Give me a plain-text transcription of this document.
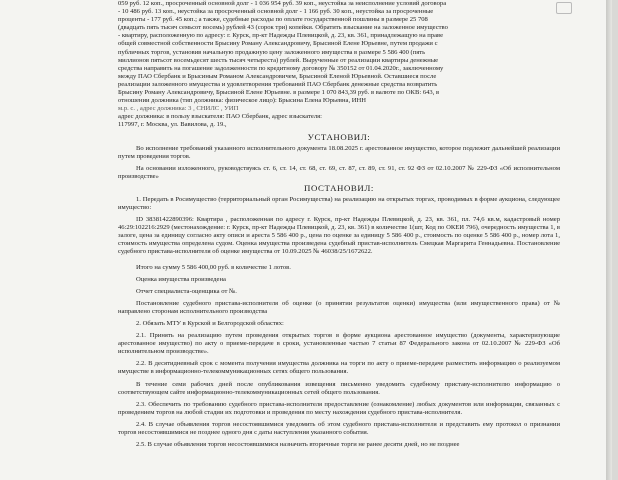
059 руб. 12 коп., просроченный основной долг - 1 036 954 руб. 39 коп., неустойка за неисполнение условий договора

- 10 486 руб. 13 коп., неустойка за просроченный основной долг - 1 166 руб. 30 коп., неустойка за просроченные

проценты - 177 руб. 45 коп.; а также, судебные расходы по оплате государственной пошлины в размере 25 708

(двадцать пять тысяч семьсот восемь) рублей 43 (сорок три) копейки. Обратить взыскание на заложенное имущество

- квартиру, расположенную по адресу: г. Курск, пр-кт Надежды Плевицкой, д. 23, кв. 361, принадлежащую на праве

общей совместной собственности Брысину Роману Александровичу, Брысиной Елене Юрьевне, путем продажи с

публичных торгов, установив начальную продажную цену заложенного имущества в размере 5 586 400 (пять

миллионов пятьсот восемьдесят шесть тысяч четыреста) рублей. Вырученные от реализации квартиры денежные

средства направить на погашение задолженности по кредитному договору № 350152 от 01.04.2020г., заключенному

между ПАО Сбербанк и Брысиным Романом Александровичем, Брысиной Еленой Юрьевной. Оставшиеся после

реализации заложенного имущества и удовлетворения требований ПАО Сбербанк денежные средства возвратить

Брысину Роману Александровичу, Брысиной Елене Юрьевне. в размере 1 070 843,39 руб. в валюте по ОКВ: 643, в

отношении должника (тип должника: физическое лицо): Брысина Елена Юрьевна, ИНН

м.р. с. , адрес должника: 3 , СНИЛС , УИП

адрес должника: в пользу взыскателя: ПАО Сбербанк, адрес взыскателя:

117997, г. Москва, ул. Вавилова, д. 19.,

УСТАНОВИЛ:

Во исполнение требований указанного исполнительного документа 18.08.2025 г. арестованное имущество, которое подлежит дальнейшей реализации путем проведения торгов.

На основании изложенного, руководствуясь ст. 6, ст. 14, ст. 68, ст. 69, ст. 87, ст. 89, ст. 91, ст. 92 ФЗ от 02.10.2007 № 229-ФЗ «Об исполнительном производстве»

ПОСТАНОВИЛ:

1. Передать в Росимущество (территориальный орган Росимущества) на реализацию на открытых торгах, проводимых в форме аукциона, следующее имущество:

ID 38381422890396: Квартира , расположенная по адресу г. Курск, пр-кт Надежды Плевицкой, д. 23, кв. 361, пл. 74,6 кв.м, кадастровый номер 46:29:102216:2929 (местонахождение: г. Курск, пр-кт Надежды Плевицкой, д. 23, кв. 361) в количестве 1(шт, Код по ОКЕИ 796), очередность имущества 1, в залоге, цена за единицу согласно акту описи и ареста 5 586 400 р., цена по оценке за единицу 5 586 400 р., стоимость по оценке 5 586 400 р., номер лота 1, стоимость имущества определена судом. Оценка имущества произведена судебный пристав-исполнитель Смецкая Маргарита Геннадьевна. Постановление судебного пристава-исполнителя об оценке имущества от 10.09.2025 № 46038/25/1672622.

Итого на сумму 5 586 400,00 руб. в количестве 1 лотов.

Оценка имущества произведена

Отчет специалиста-оценщика от №.

Постановление судебного пристава-исполнителя об оценке (о принятии результатов оценки) имущества (или имущественного права) от № направлено сторонам исполнительного производства

2. Обязать МТУ в Курской и Белгородской областях:

2.1. Принять на реализацию путем проведения открытых торгов в форме аукциона арестованное имущество (документы, характеризующие арестованное имущество) по акту о приеме-передаче в сроки, установленные частью 7 статьи 87 Федерального закона от 02.10.2007 № 229-ФЗ «Об исполнительном производстве».

2.2. В десятидневный срок с момента получения имущества должника на торги по акту о приеме-передаче разместить информацию о реализуемом имуществе в информационно-телекоммуникационных сетях общего пользования.

В течение семи рабочих дней после опубликования извещения письменно уведомить судебному приставу-исполнителю информацию о соответствующем сайте информационно-телекоммуникационных сетей общего пользования.

2.3. Обеспечить по требованию судебного пристава-исполнителя предоставление (ознакомление) любых документов или информации, связанных с проведением торгов на любой стадии их подготовки и проведения по месту нахождения судебного пристава-исполнителя.

2.4. В случае объявления торгов несостоявшимися уведомить об этом судебного пристава-исполнителя и представить ему протокол о признании торгов несостоявшимися не позднее одного дня с даты наступления указанного события.

2.5. В случае объявления торгов несостоявшимися назначить вторичные торги не ранее десяти дней, но не позднее
